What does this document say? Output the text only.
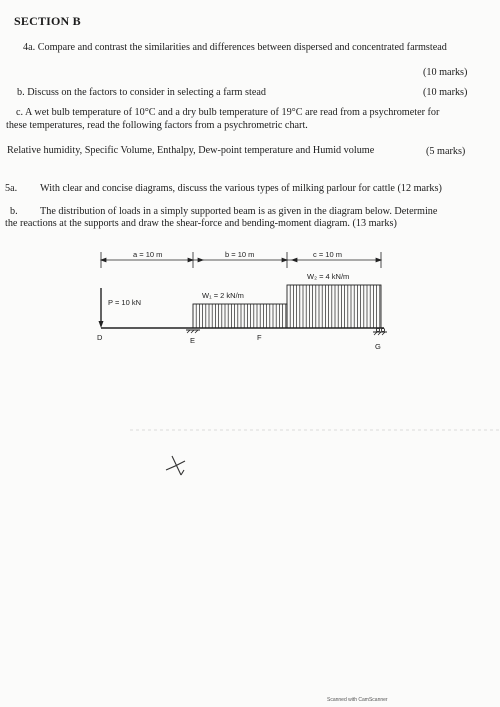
SECTION B
4a. Compare and contrast the similarities and differences between dispersed and concentrated farmstead
(10 marks)
b. Discuss on the factors to consider in selecting a farm stead	(10 marks)
c. A wet bulb temperature of 10°C and a dry bulb temperature of 19°C are read from a psychrometer for
these temperatures, read the following factors from a psychrometric chart.
Relative humidity, Specific Volume, Enthalpy, Dew-point temperature and Humid volume	(5 marks)
5a. With clear and concise diagrams, discuss the various types of milking parlour for cattle (12 marks)
b. The distribution of loads in a simply supported beam is as given in the diagram below. Determine
the reactions at the supports and draw the shear-force and bending-moment diagram. (13 marks)
a = 10 m	b = 10 m	c = 10 m
P = 10 kN
W₁ = 2 kN/m
W₂ = 4 kN/m
D	E	F
G
Scanned with CamScanner
